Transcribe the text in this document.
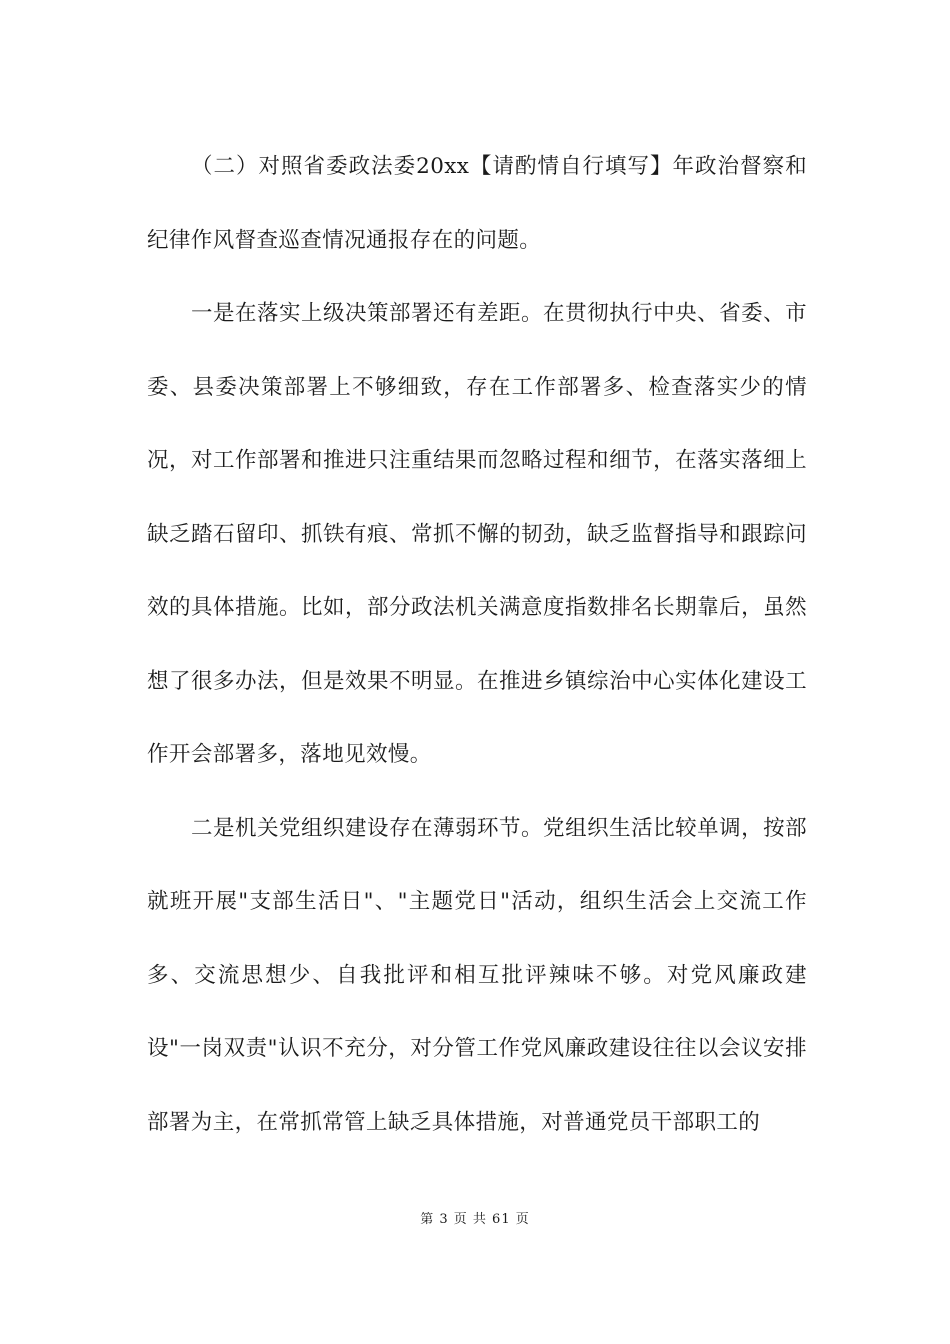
（二）对照省委政法委20xx【请酌情自行填写】年政治督察和纪律作风督查巡查情况通报存在的问题。

一是在落实上级决策部署还有差距。在贯彻执行中央、省委、市委、县委决策部署上不够细致，存在工作部署多、检查落实少的情况，对工作部署和推进只注重结果而忽略过程和细节，在落实落细上缺乏踏石留印、抓铁有痕、常抓不懈的韧劲，缺乏监督指导和跟踪问效的具体措施。比如，部分政法机关满意度指数排名长期靠后，虽然想了很多办法，但是效果不明显。在推进乡镇综治中心实体化建设工作开会部署多，落地见效慢。

二是机关党组织建设存在薄弱环节。党组织生活比较单调，按部就班开展"支部生活日"、"主题党日"活动，组织生活会上交流工作多、交流思想少、自我批评和相互批评辣味不够。对党风廉政建设"一岗双责"认识不充分，对分管工作党风廉政建设往往以会议安排部署为主，在常抓常管上缺乏具体措施，对普通党员干部职工的

第 3 页 共 61 页
